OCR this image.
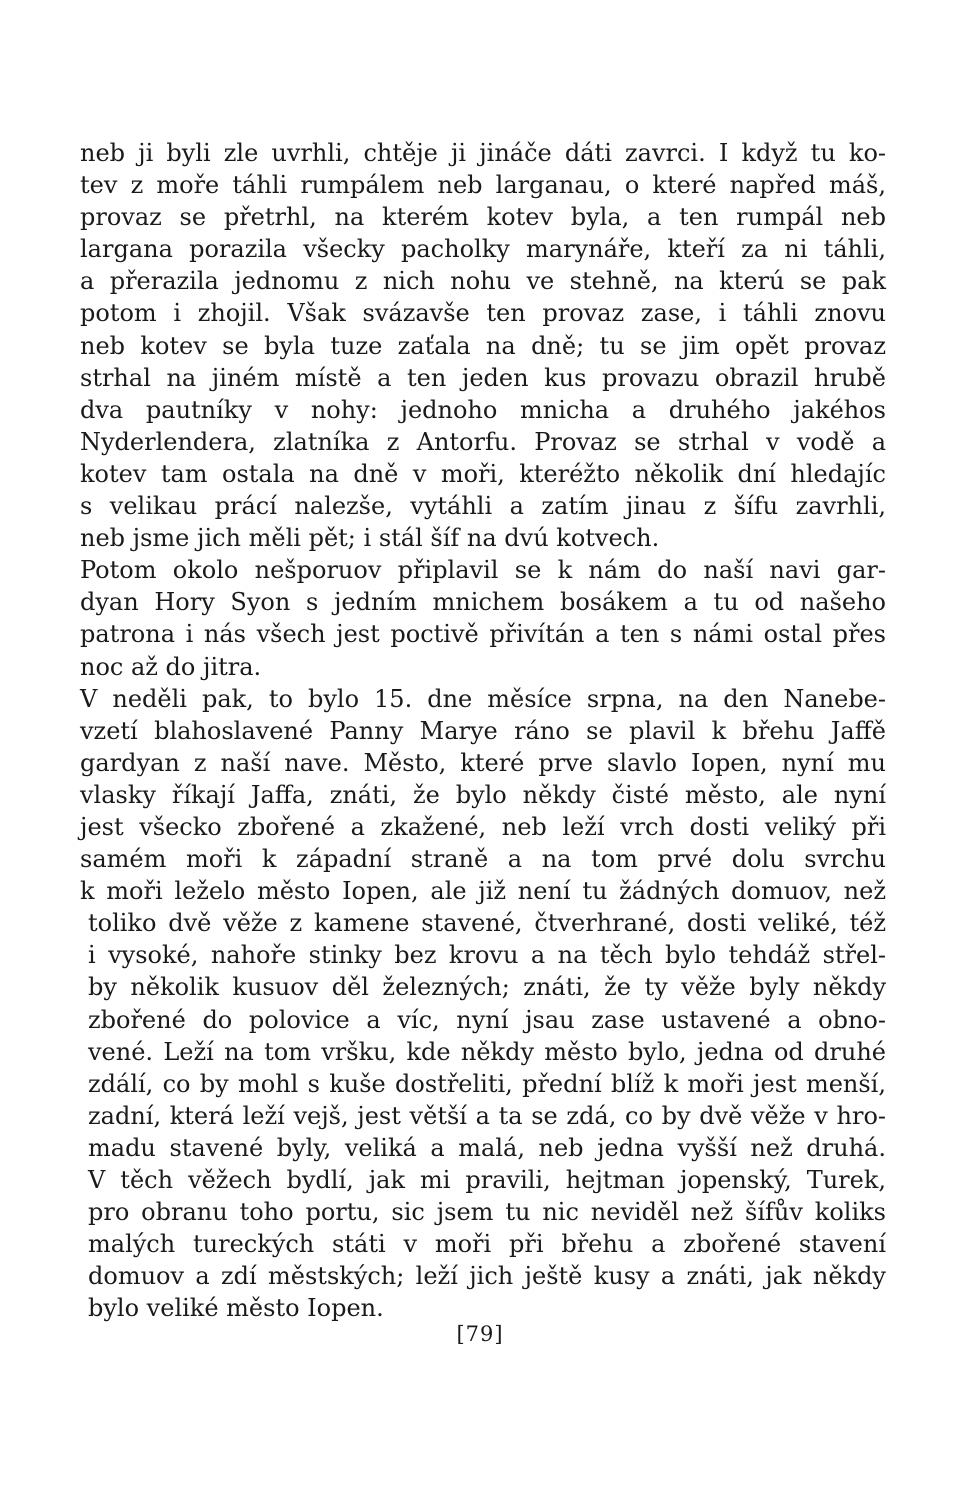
neb ji byli zle uvrhli, chtěje ji jináče dáti zavrci. I když tu ko-
tev z moře táhli rumpálem neb larganau, o které napřed máš,
provaz se přetrhl, na kterém kotev byla, a ten rumpál neb
largana porazila všecky pacholky marynáře, kteří za ni táhli,
a přerazila jednomu z nich nohu ve stehně, na kterú se pak
potom i zhojil. Však svázavše ten provaz zase, i táhli znovu
neb kotev se byla tuze zaťala na dně; tu se jim opět provaz
strhal na jiném místě a ten jeden kus provazu obrazil hrubě
dva pautníky v nohy: jednoho mnicha a druhého jakéhos
Nyderlendera, zlatníka z Antorfu. Provaz se strhal v vodě a
kotev tam ostala na dně v moři, kteréžto několik dní hledajíc
s velikau prácí nalezše, vytáhli a zatím jinau z šífu zavrhli,
neb jsme jich měli pět; i stál šíf na dvú kotvech.
Potom okolo nešporuov připlavil se k nám do naší navi gar-
dyan Hory Syon s jedním mnichem bosákem a tu od našeho
patrona i nás všech jest poctivě přivítán a ten s námi ostal přes
noc až do jitra.
V neděli pak, to bylo 15. dne měsíce srpna, na den Nanebe-
vzetí blahoslavené Panny Marye ráno se plavil k břehu Jaffě
gardyan z naší nave. Město, které prve slavlo Iopen, nyní mu
vlasky říkají Jaffa, znáti, že bylo někdy čisté město, ale nyní
jest všecko zbořené a zkažené, neb leží vrch dosti veliký při
samém moři k západní straně a na tom prvé dolu svrchu
k moři leželo město Iopen, ale již není tu žádných domuov, než
toliko dvě věže z kamene stavené, čtverhrané, dosti veliké, též
i vysoké, nahoře stinky bez krovu a na těch bylo tehdáž střel-
by několik kusuov děl železných; znáti, že ty věže byly někdy
zbořené do polovice a víc, nyní jsau zase ustavené a obno-
vené. Leží na tom vršku, kde někdy město bylo, jedna od druhé
zdálí, co by mohl s kuše dostřeliti, přední blíž k moři jest menší,
zadní, která leží vejš, jest větší a ta se zdá, co by dvě věže v hro-
madu stavené byly, veliká a malá, neb jedna vyšší než druhá.
V těch věžech bydlí, jak mi pravili, hejtman jopenský, Turek,
pro obranu toho portu, sic jsem tu nic neviděl než šífův koliks
malých tureckých státi v moři při břehu a zbořené stavení
domuov a zdí městských; leží jich ještě kusy a znáti, jak někdy
bylo veliké město Iopen.
[79]
